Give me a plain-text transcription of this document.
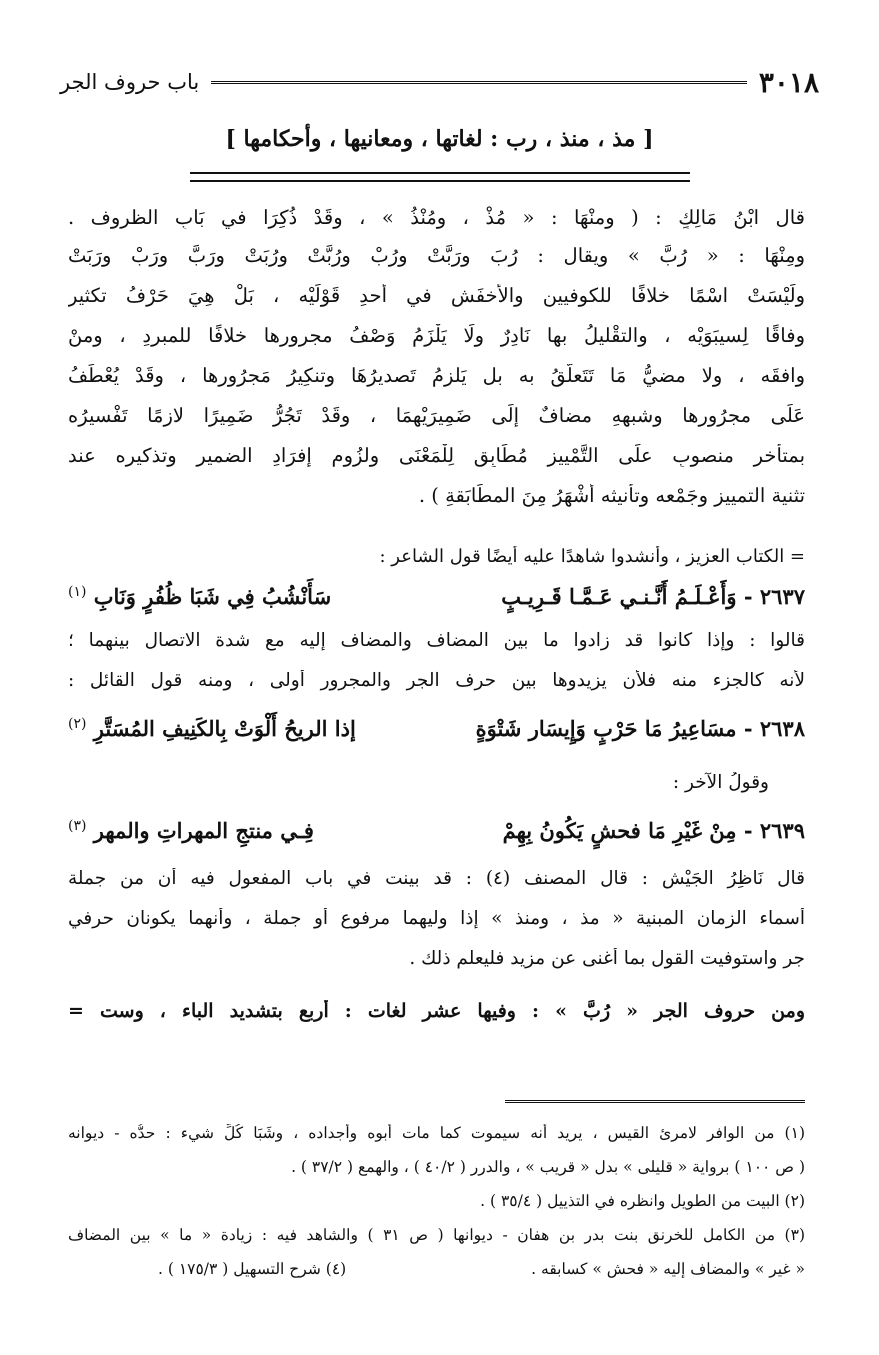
٣٠١٨
باب حروف الجر
[ مذ ، منذ ، رب : لغاتها ، ومعانيها ، وأحكامها ]
قال ابْنُ مَالِكٍ : ( ومنْهَا : « مُذْ ، ومُنْذُ » ، وقَدْ ذُكِرَا في بَابِ الظروف .
ومِنْهَا : « رُبَّ » ويقال : رُبَ ورَبَّتْ ورُبْ ورُبَّتْ ورُبَتْ ورَبَّ ورَبْ ورَبَتْ
ولَيْسَتْ اسْمًا خلافًا للكوفيين والأخفَشِ في أحدِ قَوْلَيْه ، بَلْ هِيَ حَرْفُ تكثير
وفاقًا لِسيبَوَيْه ، والتقْليلُ بها نَادِرٌ ولَا يَلْزَمُ وَصْفُ مجرورها خلافًا للمبردِ ، ومنْ
وافقَه ، ولا مضيُّ مَا تَتَعلَّقُ به بل يَلزمُ تَصديرُهَا وتنكِيرُ مَجرُورها ، وقَدْ يُعْطَفُ
عَلَى مجرُورها وشبهِهِ مضافٌ إِلَى ضَمِيرَيْهِمَا ، وقَدْ تَجُرُّ ضَمِيرًا لازمًا تَفْسيرُه
بمتأخرٍ منصوبٍ علَى التَّمْييزِ مُطَابِقٍ لِلْمَعْنَى ولزُوم إفرَادِ الضميرِ وتذكيره عند
تثنية التمييزِ وجَمْعه وتأنيثه أَشْهَرُ مِنَ المطَابَقةِ ) .
= الكتاب العزيز ، وأنشدوا شاهدًا عليه أيضًا قول الشاعر :
٢٦٣٧ - وَأَعْـلَـمُ أَنَّـنـي عَـمَّـا قَـرِيـبٍ
سَأَنْشُبُ فِي شَبَا ظُفُرٍ وَنَابِ $^{(١)}$
قالوا : وإذا كانوا قد زادوا ما بين المضاف والمضاف إليه مع شدة الاتصال بينهما ؛
لأنه كالجزء منه فلأن يزيدوها بين حرف الجر والمجرور أولى ، ومنه قول القائل :
٢٦٣٨ - مسَاعِيرُ مَا حَرْبٍ وَإِيسَار شَتْوَةٍ
إذا الريحُ أَلْوَتْ بِالكَنِيفِ المُسَتَّرِ $^{(٢)}$
وقولُ الآخر :
٢٦٣٩ - مِنْ غَيْرِ مَا فحشٍ يَكُونُ بِهِمْ
فِـي منتجِ المهراتِ والمهر $^{(٣)}$
قال نَاظِرُ الجَيْشِ : قال المصنف (٤) : قد بينت في باب المفعول فيه أن من جملة
أسماء الزمان المبنية « مذ ، ومنذ » إذا وليهما مرفوع أو جملة ، وأنهما يكونان حرفي
جر واستوفيت القول بما أغنى عن مزيد فليعلم ذلك .
ومن حروف الجر « رُبَّ » : وفيها عشر لغات : أربع بتشديد الباء ، وست =
(١) من الوافر لامرئ القيس ، يريد أنه سيموت كما مات أبوه وأجداده ، وشَبَا كُلِّ شيء : حدُّه - ديوانه
( ص ١٠٠ ) برواية « قليلى » بدل « قريب » ، والدرر ( ٤٠/٢ ) ، والهمع ( ٣٧/٢ ) .
(٢) البيت من الطويل وانظره في التذييل ( ٣٥/٤ ) .
(٣) من الكامل للخرنق بنت بدر بن هفان - ديوانها ( ص ٣١ ) والشاهد فيه : زيادة « ما » بين المضاف
« غير » والمضاف إليه « فحش » كسابقه .
(٤) شرح التسهيل ( ١٧٥/٣ ) .
